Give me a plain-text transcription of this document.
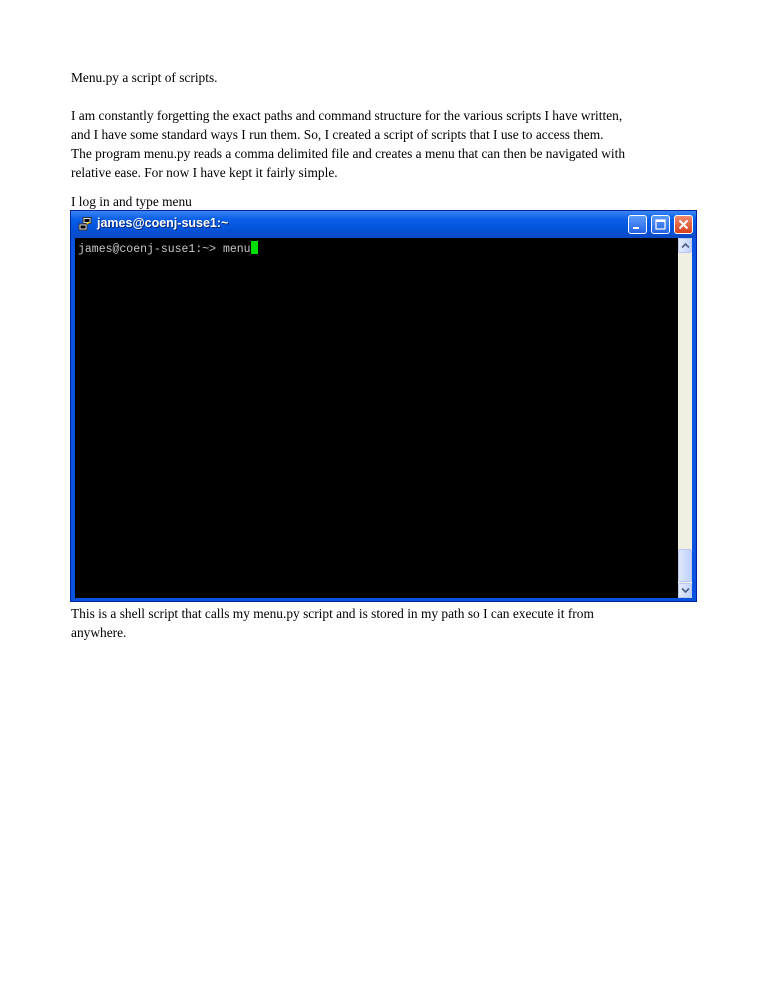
Menu.py a script of scripts.

I am constantly forgetting the exact paths and command structure for the various scripts I have written,
and I have some standard ways I run them. So, I created a script of scripts that I use to access them.
The program menu.py reads a comma delimited file and creates a menu that can then be navigated with
relative ease. For now I have kept it fairly simple.

I log in and type menu

james@coenj-suse1:~
james@coenj-suse1:~> menu

This is a shell script that calls my menu.py script and is stored in my path so I can execute it from
anywhere.
